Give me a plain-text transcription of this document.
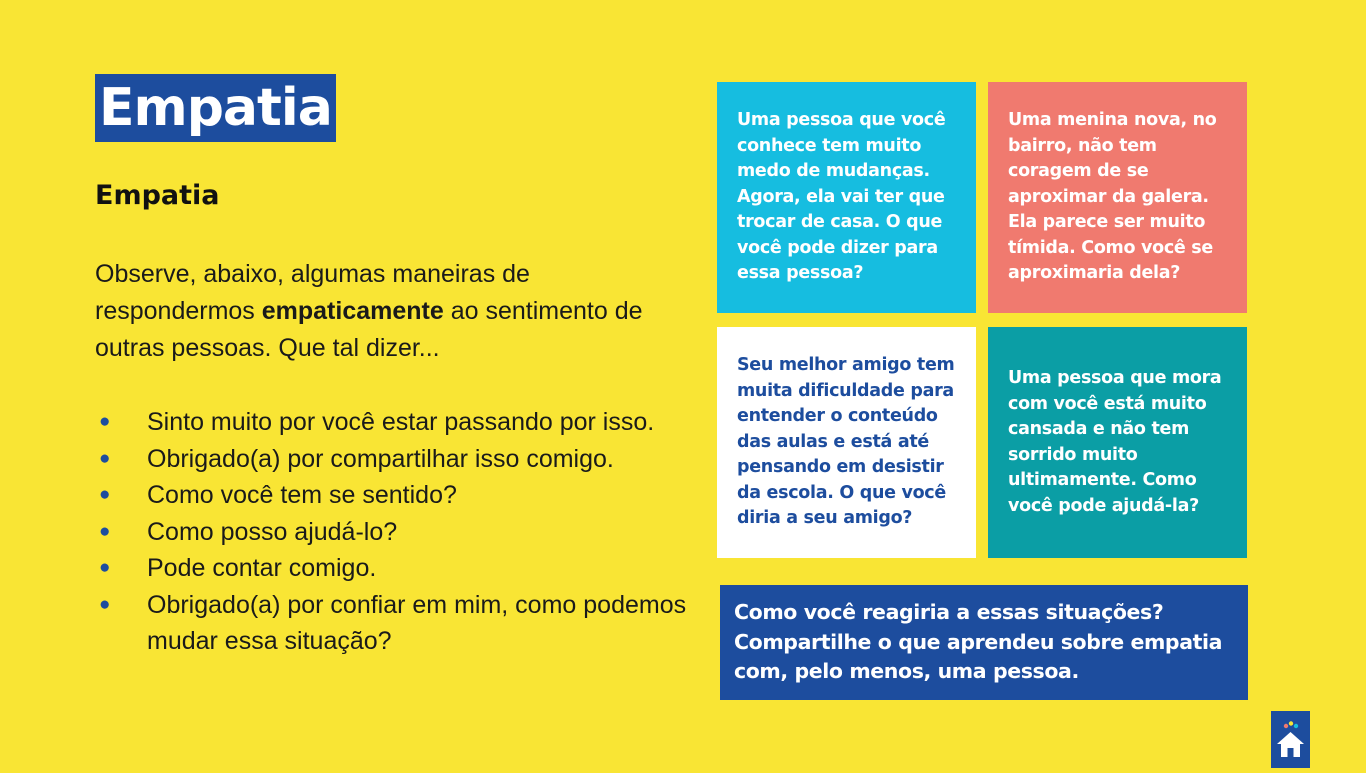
Empatia
Empatia
Observe, abaixo, algumas maneiras de respondermos empaticamente ao sentimento de outras pessoas. Que tal dizer...
● Sinto muito por você estar passando por isso.
● Obrigado(a) por compartilhar isso comigo.
● Como você tem se sentido?
● Como posso ajudá-lo?
● Pode contar comigo.
● Obrigado(a) por confiar em mim, como podemos mudar essa situação?
Uma pessoa que você conhece tem muito medo de mudanças. Agora, ela vai ter que trocar de casa. O que você pode dizer para essa pessoa?
Uma menina nova, no bairro, não tem coragem de se aproximar da galera. Ela parece ser muito tímida. Como você se aproximaria dela?
Seu melhor amigo tem muita dificuldade para entender o conteúdo das aulas e está até pensando em desistir da escola. O que você diria a seu amigo?
Uma pessoa que mora com você está muito cansada e não tem sorrido muito ultimamente. Como você pode ajudá-la?
Como você reagiria a essas situações? Compartilhe o que aprendeu sobre empatia com, pelo menos, uma pessoa.
